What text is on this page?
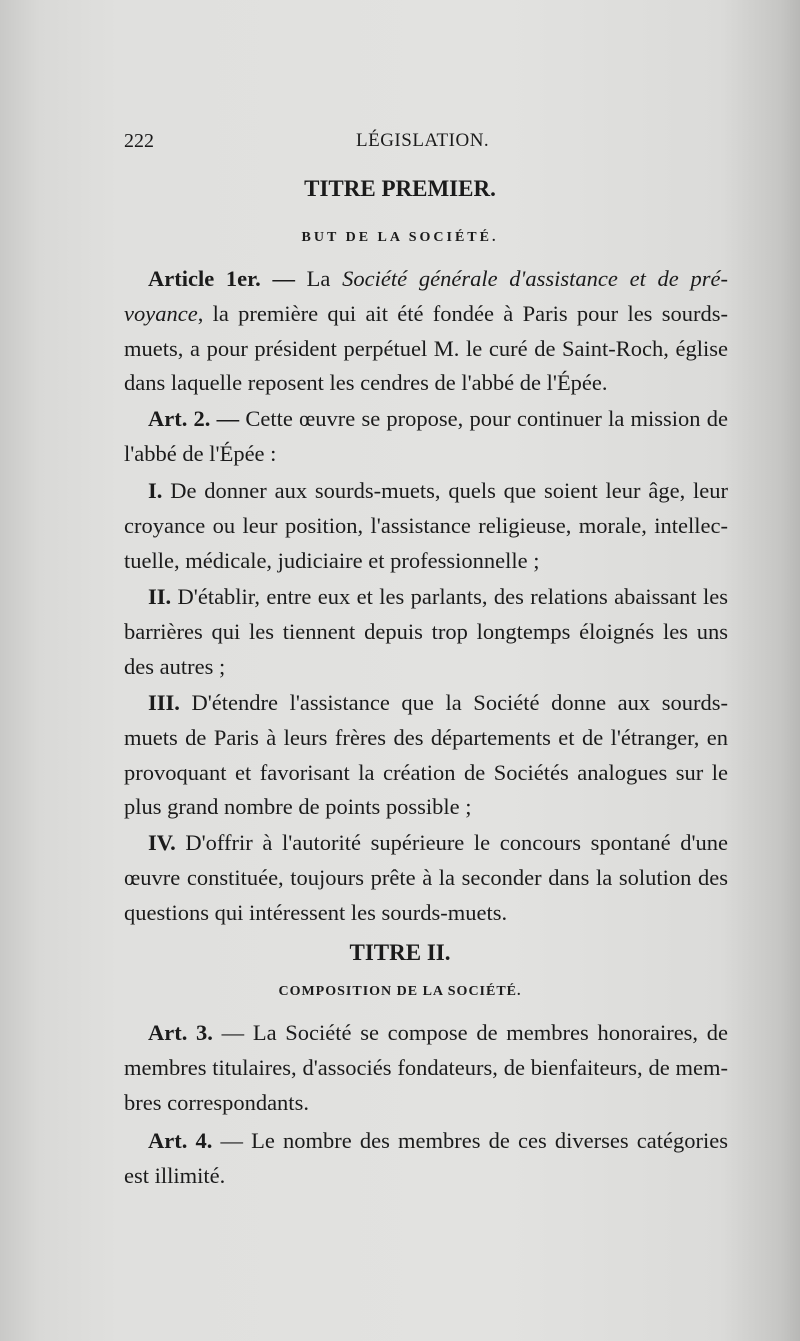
222	LÉGISLATION.
TITRE PREMIER.
BUT DE LA SOCIÉTÉ.
Article 1er. — La Société générale d'assistance et de pré-voyance, la première qui ait été fondée à Paris pour les sourds-muets, a pour président perpétuel M. le curé de Saint-Roch, église dans laquelle reposent les cendres de l'abbé de l'Épée.
Art. 2. — Cette œuvre se propose, pour continuer la mission de l'abbé de l'Épée :
I. De donner aux sourds-muets, quels que soient leur âge, leur croyance ou leur position, l'assistance religieuse, morale, intellec-tuelle, médicale, judiciaire et professionnelle ;
II. D'établir, entre eux et les parlants, des relations abaissant les barrières qui les tiennent depuis trop longtemps éloignés les uns des autres ;
III. D'étendre l'assistance que la Société donne aux sourds-muets de Paris à leurs frères des départements et de l'étranger, en provoquant et favorisant la création de Sociétés analogues sur le plus grand nombre de points possible ;
IV. D'offrir à l'autorité supérieure le concours spontané d'une œuvre constituée, toujours prête à la seconder dans la solution des questions qui intéressent les sourds-muets.
TITRE II.
COMPOSITION DE LA SOCIÉTÉ.
Art. 3. — La Société se compose de membres honoraires, de membres titulaires, d'associés fondateurs, de bienfaiteurs, de mem-bres correspondants.
Art. 4. — Le nombre des membres de ces diverses catégories est illimité.
